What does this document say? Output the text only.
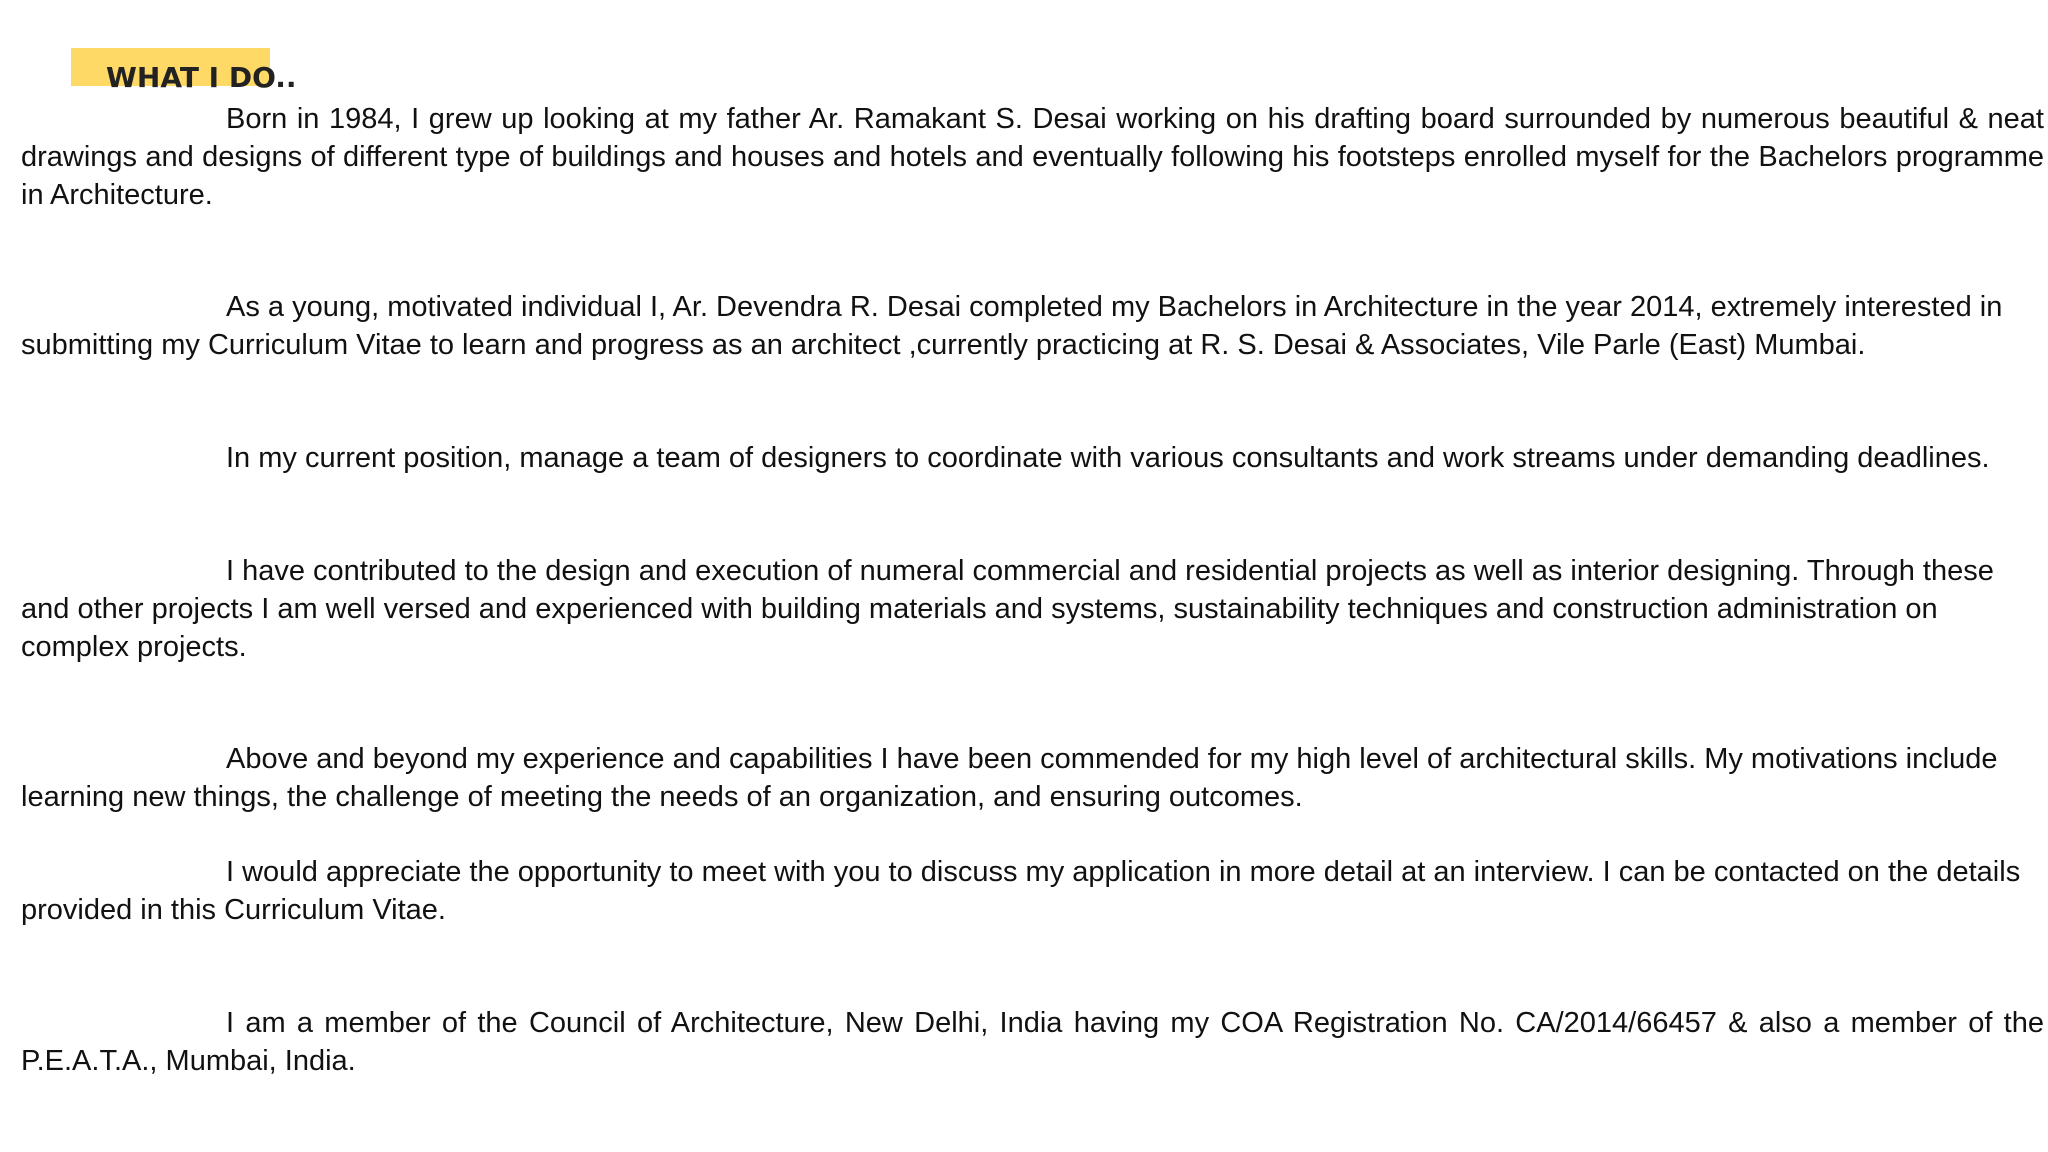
WHAT I DO..

Born in 1984, I grew up looking at my father Ar. Ramakant S. Desai working on his drafting board surrounded by numerous beautiful & neat drawings and designs of different type of buildings and houses and hotels and eventually following his footsteps enrolled myself for the Bachelors programme in Architecture.

As a young, motivated individual I, Ar. Devendra R. Desai completed my Bachelors in Architecture in the year 2014, extremely interested in submitting my Curriculum Vitae to learn and progress as an architect ,currently practicing at R. S. Desai & Associates, Vile Parle (East) Mumbai.

In my current position, manage a team of designers to coordinate with various consultants and work streams under demanding deadlines.

I have contributed to the design and execution of numeral commercial and residential projects as well as interior designing. Through these and other projects I am well versed and experienced with building materials and systems, sustainability techniques and construction administration on complex projects.

Above and beyond my experience and capabilities I have been commended for my high level of architectural skills. My motivations include learning new things, the challenge of meeting the needs of an organization, and ensuring outcomes.

I would appreciate the opportunity to meet with you to discuss my application in more detail at an interview. I can be contacted on the details provided in this Curriculum Vitae.

I am a member of the Council of Architecture, New Delhi, India having my COA Registration No. CA/2014/66457 & also a member of the P.E.A.T.A., Mumbai, India.
